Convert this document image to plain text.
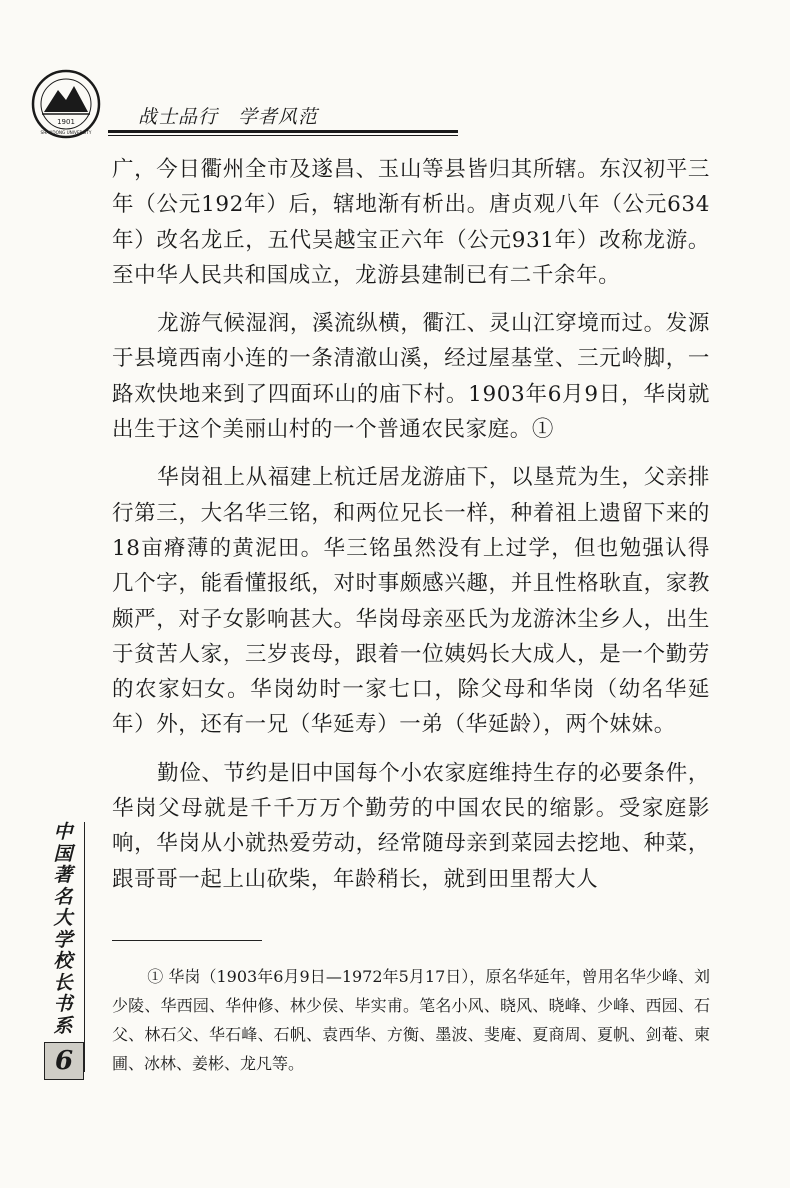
1901
SHANDONG UNIVERSITY
战士品行　学者风范

广，今日衢州全市及遂昌、玉山等县皆归其所辖。东汉初平三年（公元192年）后，辖地渐有析出。唐贞观八年（公元634年）改名龙丘，五代吴越宝正六年（公元931年）改称龙游。至中华人民共和国成立，龙游县建制已有二千余年。

龙游气候湿润，溪流纵横，衢江、灵山江穿境而过。发源于县境西南小连的一条清澈山溪，经过屋基堂、三元岭脚，一路欢快地来到了四面环山的庙下村。1903年6月9日，华岗就出生于这个美丽山村的一个普通农民家庭。①

华岗祖上从福建上杭迁居龙游庙下，以垦荒为生，父亲排行第三，大名华三铭，和两位兄长一样，种着祖上遗留下来的18亩瘠薄的黄泥田。华三铭虽然没有上过学，但也勉强认得几个字，能看懂报纸，对时事颇感兴趣，并且性格耿直，家教颇严，对子女影响甚大。华岗母亲巫氏为龙游沐尘乡人，出生于贫苦人家，三岁丧母，跟着一位姨妈长大成人，是一个勤劳的农家妇女。华岗幼时一家七口，除父母和华岗（幼名华延年）外，还有一兄（华延寿）一弟（华延龄），两个妹妹。

勤俭、节约是旧中国每个小农家庭维持生存的必要条件，华岗父母就是千千万万个勤劳的中国农民的缩影。受家庭影响，华岗从小就热爱劳动，经常随母亲到菜园去挖地、种菜，跟哥哥一起上山砍柴，年龄稍长，就到田里帮大人

① 华岗（1903年6月9日—1972年5月17日），原名华延年，曾用名华少峰、刘少陵、华西园、华仲修、林少侯、毕实甫。笔名小风、晓风、晓峰、少峰、西园、石父、林石父、华石峰、石帆、袁西华、方衡、墨波、斐庵、夏商周、夏帆、剑菴、柬圃、冰林、姜彬、龙凡等。
中
国
著
名
大
学
校
长
书
系
6
